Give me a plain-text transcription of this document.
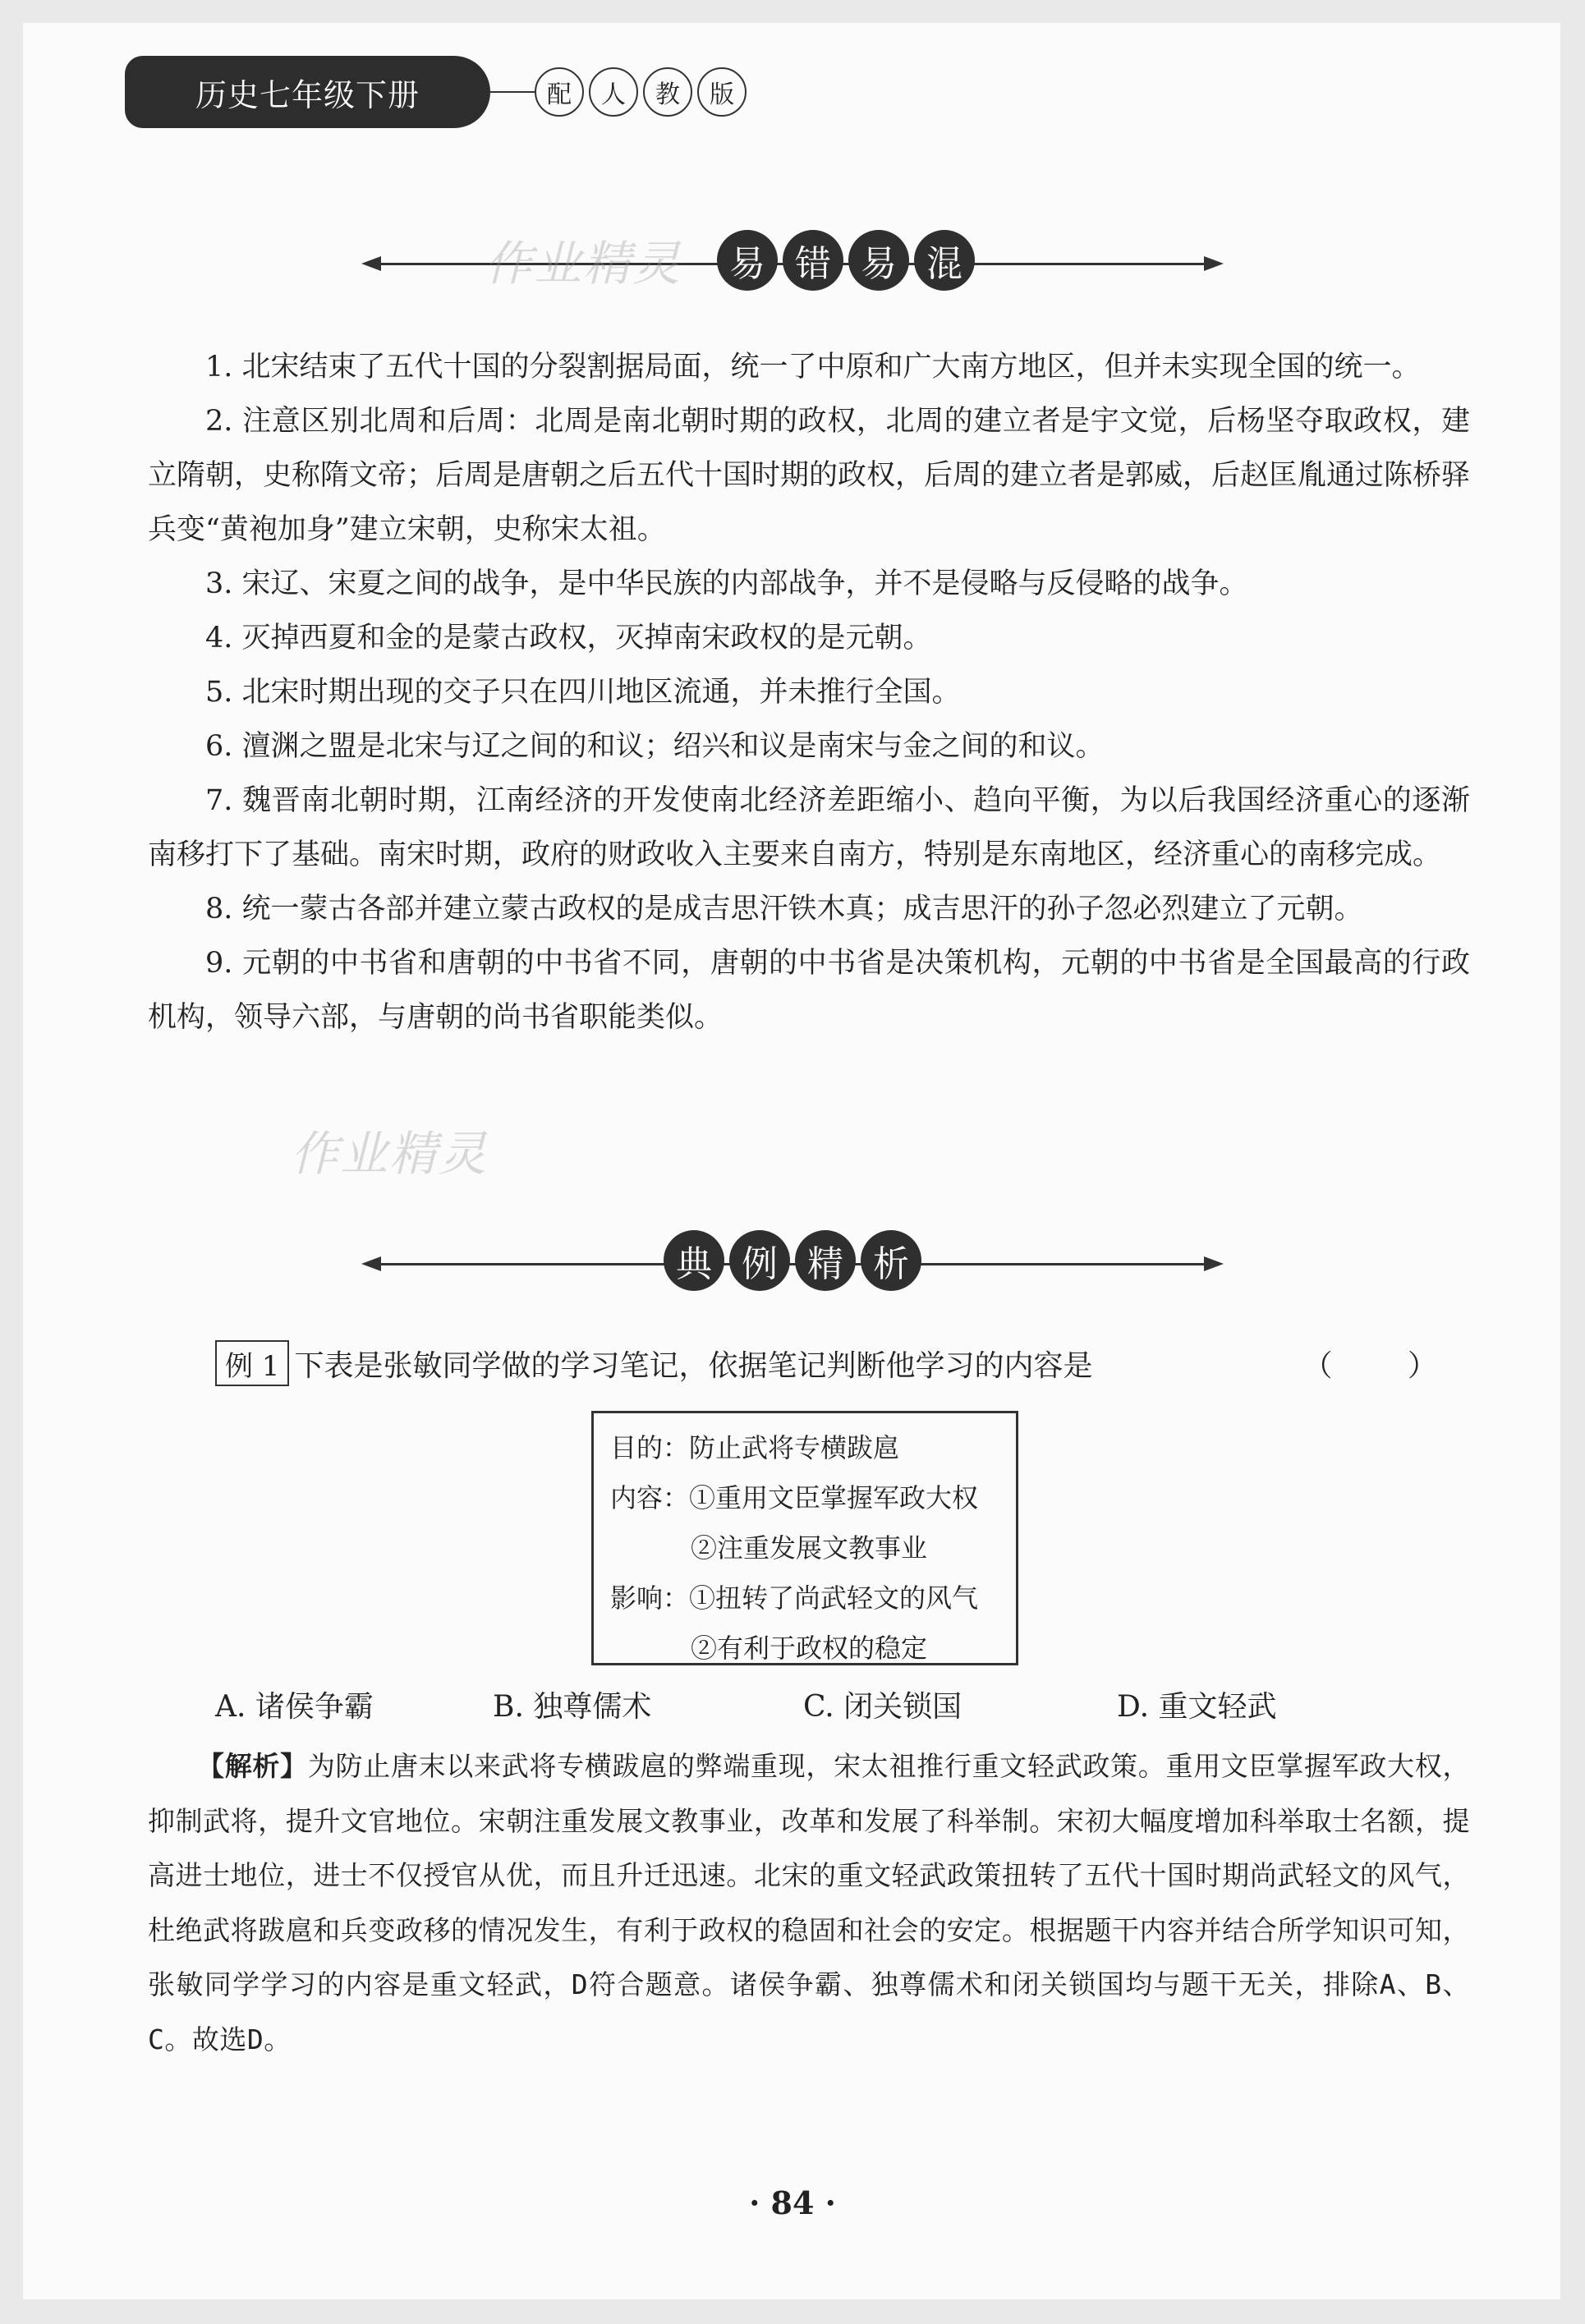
历史七年级下册	配	人	教	版
作业精灵	易 错 易 混
1. 北宋结束了五代十国的分裂割据局面，统一了中原和广大南方地区，但并未实现全国的统一。
2. 注意区别北周和后周：北周是南北朝时期的政权，北周的建立者是宇文觉，后杨坚夺取政权，建立隋朝，史称隋文帝；后周是唐朝之后五代十国时期的政权，后周的建立者是郭威，后赵匡胤通过陈桥驿兵变“黄袍加身”建立宋朝，史称宋太祖。
3. 宋辽、宋夏之间的战争，是中华民族的内部战争，并不是侵略与反侵略的战争。
4. 灭掉西夏和金的是蒙古政权，灭掉南宋政权的是元朝。
5. 北宋时期出现的交子只在四川地区流通，并未推行全国。
6. 澶渊之盟是北宋与辽之间的和议；绍兴和议是南宋与金之间的和议。
7. 魏晋南北朝时期，江南经济的开发使南北经济差距缩小、趋向平衡，为以后我国经济重心的逐渐南移打下了基础。南宋时期，政府的财政收入主要来自南方，特别是东南地区，经济重心的南移完成。
8. 统一蒙古各部并建立蒙古政权的是成吉思汗铁木真；成吉思汗的孙子忽必烈建立了元朝。
9. 元朝的中书省和唐朝的中书省不同，唐朝的中书省是决策机构，元朝的中书省是全国最高的行政机构，领导六部，与唐朝的尚书省职能类似。
作业精灵
典 例 精 析
例 1 下表是张敏同学做的学习笔记，依据笔记判断他学习的内容是	（ ）
目的：防止武将专横跋扈
内容：①重用文臣掌握军政大权
②注重发展文教事业
影响：①扭转了尚武轻文的风气
②有利于政权的稳定
A. 诸侯争霸	B. 独尊儒术	C. 闭关锁国	D. 重文轻武
【解析】为防止唐末以来武将专横跋扈的弊端重现，宋太祖推行重文轻武政策。重用文臣掌握军政大权，抑制武将，提升文官地位。宋朝注重发展文教事业，改革和发展了科举制。宋初大幅度增加科举取士名额，提高进士地位，进士不仅授官从优，而且升迁迅速。北宋的重文轻武政策扭转了五代十国时期尚武轻文的风气，杜绝武将跋扈和兵变政移的情况发生，有利于政权的稳固和社会的安定。根据题干内容并结合所学知识可知，张敏同学学习的内容是重文轻武，D符合题意。诸侯争霸、独尊儒术和闭关锁国均与题干无关，排除A、B、C。故选D。
· 84 ·
